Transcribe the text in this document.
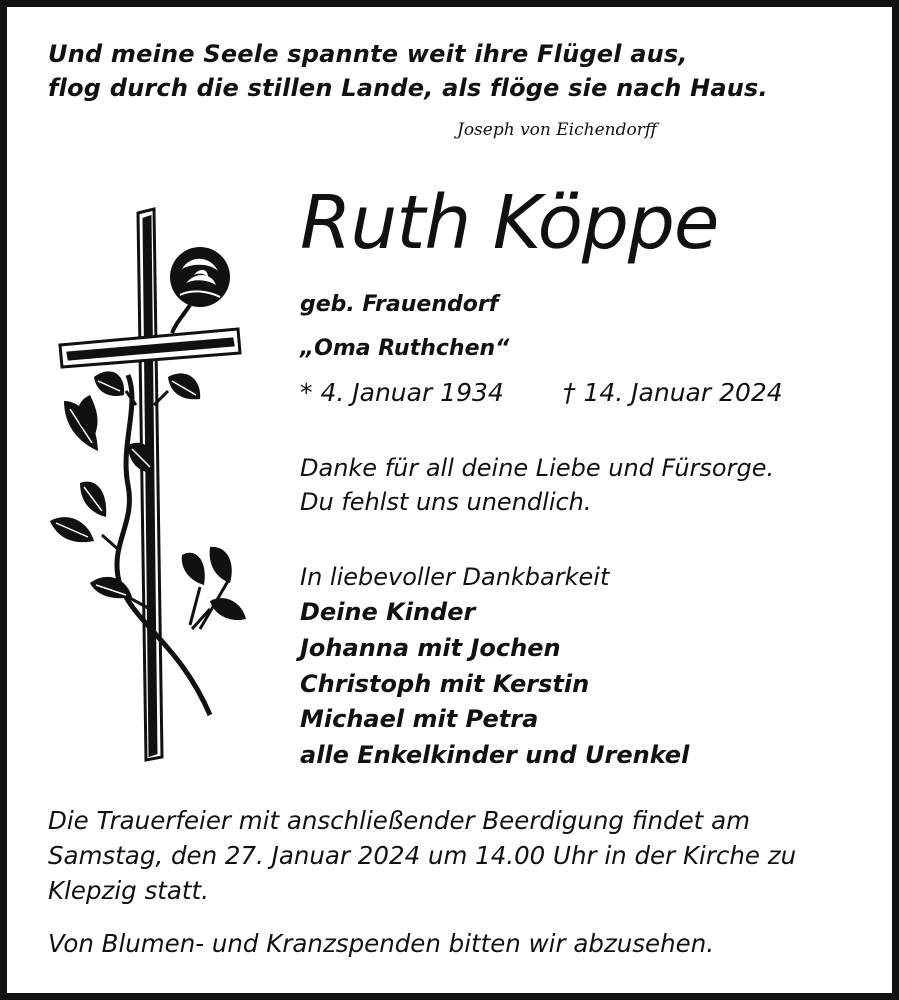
Und meine Seele spannte weit ihre Flügel aus,
flog durch die stillen Lande, als flöge sie nach Haus.
Joseph von Eichendorff
Ruth Köppe
geb. Frauendorf
„Oma Ruthchen“
* 4. Januar 1934 † 14. Januar 2024
Danke für all deine Liebe und Fürsorge.
Du fehlst uns unendlich.
In liebevoller Dankbarkeit
Deine Kinder
Johanna mit Jochen
Christoph mit Kerstin
Michael mit Petra
alle Enkelkinder und Urenkel
Die Trauerfeier mit anschließender Beerdigung findet am
Samstag, den 27. Januar 2024 um 14.00 Uhr in der Kirche zu
Klepzig statt.
Von Blumen- und Kranzspenden bitten wir abzusehen.
